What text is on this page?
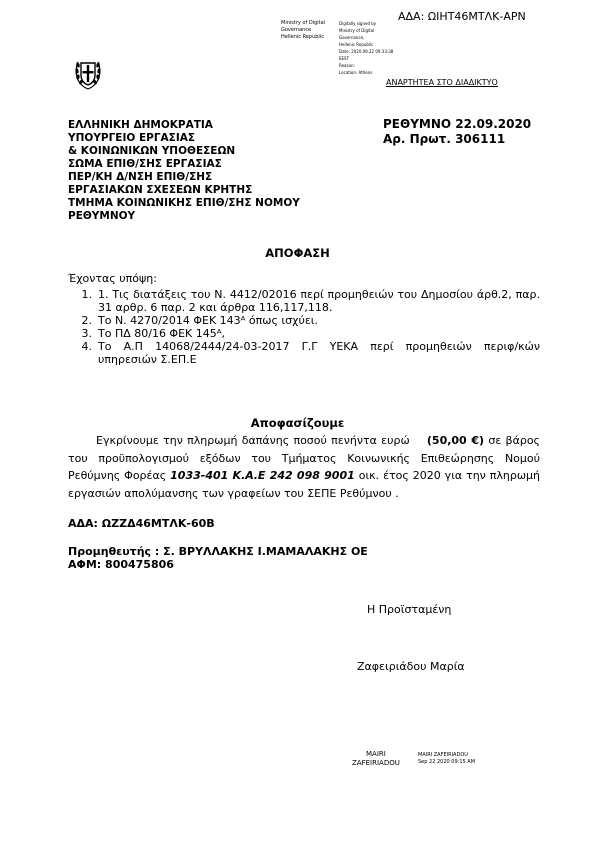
ΑΔΑ: ΩΙΗΤ46ΜΤΛΚ-ΑΡΝ
Ministry of Digital
Governance
Hellenic Republic
Digitally signed by
Ministry of Digital
Governance,
Hellenic Republic
Date: 2020.09.22 09:33:38
EEST
Reason:
Location: Athens
ΑΝΑΡΤΗΤΕΑ ΣΤΟ ΔΙΑΔΙΚΤΥΟ
ΕΛΛΗΝΙΚΗ ΔΗΜΟΚΡΑΤΙΑ
ΥΠΟΥΡΓΕΙΟ ΕΡΓΑΣΙΑΣ
& ΚΟΙΝΩΝΙΚΩΝ ΥΠΟΘΕΣΕΩΝ
ΣΩΜΑ ΕΠΙΘ/ΣΗΣ ΕΡΓΑΣΙΑΣ
ΠΕΡ/ΚΗ Δ/ΝΣΗ ΕΠΙΘ/ΣΗΣ
ΕΡΓΑΣΙΑΚΩΝ ΣΧΕΣΕΩΝ ΚΡΗΤΗΣ
ΤΜΗΜΑ ΚΟΙΝΩΝΙΚΗΣ ΕΠΙΘ/ΣΗΣ ΝΟΜΟΥ
ΡΕΘΥΜΝΟΥ
ΡΕΘΥΜΝΟ 22.09.2020
Αρ. Πρωτ. 306111
ΑΠΟΦΑΣΗ
Έχοντας υπόψη:
1. 1. Τις διατάξεις του Ν. 4412/02016 περί προμηθειών του Δημοσίου άρθ.2, παρ. 31 αρθρ. 6 παρ. 2 και άρθρα 116,117,118.
2. Το Ν. 4270/2014 ΦΕΚ 143ᴬ όπως ισχύει.
3. Το ΠΔ 80/16 ΦΕΚ 145ᴬ,
4. Το Α.Π 14068/2444/24-03-2017 Γ.Γ ΥΕΚΑ περί προμηθειών περιφ/κών υπηρεσιών Σ.ΕΠ.Ε
Αποφασίζουμε
Εγκρίνουμε την πληρωμή δαπάνης ποσού πενήντα ευρώ (50,00 €) σε βάρος του προϋπολογισμού εξόδων του Τμήματος Κοινωνικής Επιθεώρησης Νομού Ρεθύμνης Φορέας 1033-401 Κ.Α.Ε 242 098 9001 οικ. έτος 2020 για την πληρωμή εργασιών απολύμανσης των γραφείων του ΣΕΠΕ Ρεθύμνου .
ΑΔΑ: ΩΖΖΔ46ΜΤΛΚ-60Β
Προμηθευτής : Σ. ΒΡΥΛΛΑΚΗΣ Ι.ΜΑΜΑΛΑΚΗΣ ΟΕ
ΑΦΜ: 800475806
Η Προϊσταμένη
Ζαφειριάδου Μαρία
MAIRI
ZAFEIRIADOU
MAIRI ZAFEIRIADOU
Sep 22 2020 09:15 AM
